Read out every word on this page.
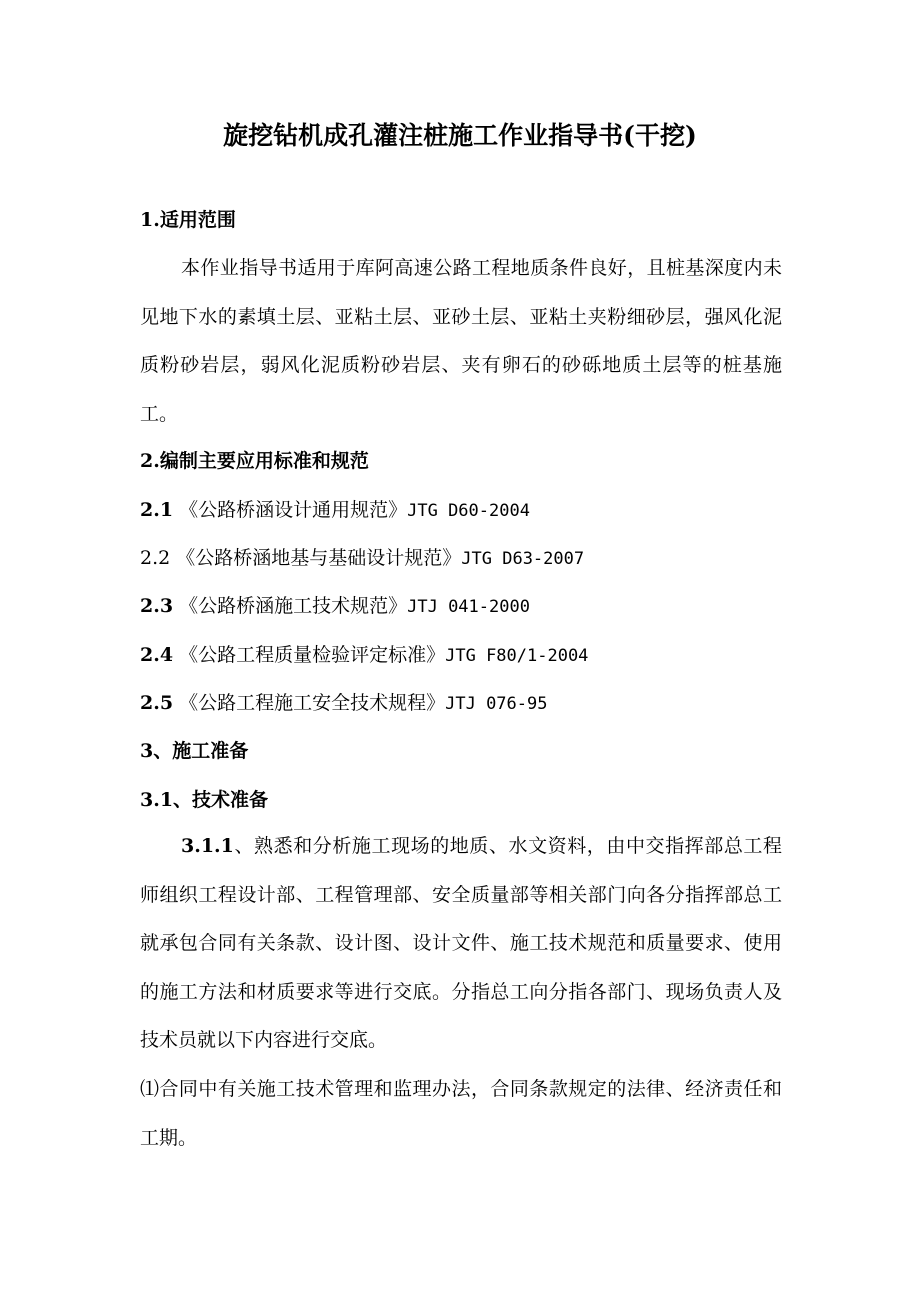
旋挖钻机成孔灌注桩施工作业指导书(干挖)
1.适用范围
本作业指导书适用于库阿高速公路工程地质条件良好，且桩基深度内未见地下水的素填土层、亚粘土层、亚砂土层、亚粘土夹粉细砂层，强风化泥质粉砂岩层，弱风化泥质粉砂岩层、夹有卵石的砂砾地质土层等的桩基施工。
2.编制主要应用标准和规范
2.1 《公路桥涵设计通用规范》JTG D60-2004
2.2 《公路桥涵地基与基础设计规范》JTG D63-2007
2.3 《公路桥涵施工技术规范》JTJ 041-2000
2.4 《公路工程质量检验评定标准》JTG F80/1-2004
2.5 《公路工程施工安全技术规程》JTJ 076-95
3、施工准备
3.1、技术准备
3.1.1、熟悉和分析施工现场的地质、水文资料，由中交指挥部总工程师组织工程设计部、工程管理部、安全质量部等相关部门向各分指挥部总工就承包合同有关条款、设计图、设计文件、施工技术规范和质量要求、使用的施工方法和材质要求等进行交底。分指总工向分指各部门、现场负责人及技术员就以下内容进行交底。
⑴合同中有关施工技术管理和监理办法，合同条款规定的法律、经济责任和工期。
